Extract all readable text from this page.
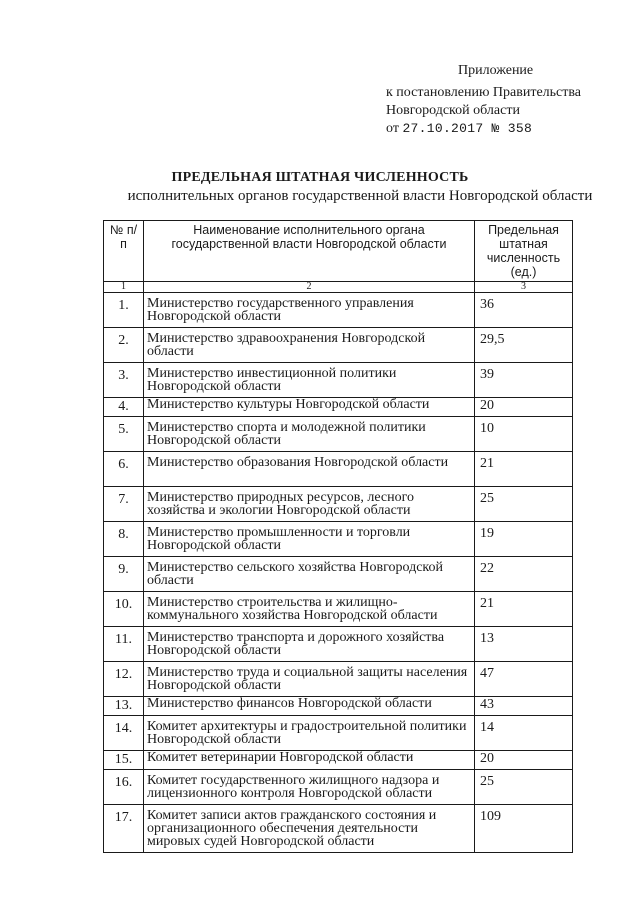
Приложение
к постановлению Правительства
Новгородской области
от 27.10.2017 № 358
ПРЕДЕЛЬНАЯ ШТАТНАЯ ЧИСЛЕННОСТЬ
исполнительных органов государственной власти Новгородской области
№ п/п	Наименование исполнительного органа государственной власти Новгородской области	Предельная штатная численность (ед.)
1	2	3
1.	Министерство государственного управления Новгородской области	36
2.	Министерство здравоохранения Новгородской области	29,5
3.	Министерство инвестиционной политики Новгородской области	39
4.	Министерство культуры Новгородской области	20
5.	Министерство спорта и молодежной политики Новгородской области	10
6.	Министерство образования Новгородской области	21
7.	Министерство природных ресурсов, лесного хозяйства и экологии Новгородской области	25
8.	Министерство промышленности и торговли Новгородской области	19
9.	Министерство сельского хозяйства Новгородской области	22
10.	Министерство строительства и жилищно-коммунального хозяйства Новгородской области	21
11.	Министерство транспорта и дорожного хозяйства Новгородской области	13
12.	Министерство труда и социальной защиты населения Новгородской области	47
13.	Министерство финансов Новгородской области	43
14.	Комитет архитектуры и градостроительной политики Новгородской области	14
15.	Комитет ветеринарии Новгородской области	20
16.	Комитет государственного жилищного надзора и лицензионного контроля Новгородской области	25
17.	Комитет записи актов гражданского состояния и организационного обеспечения деятельности мировых судей Новгородской области	109
